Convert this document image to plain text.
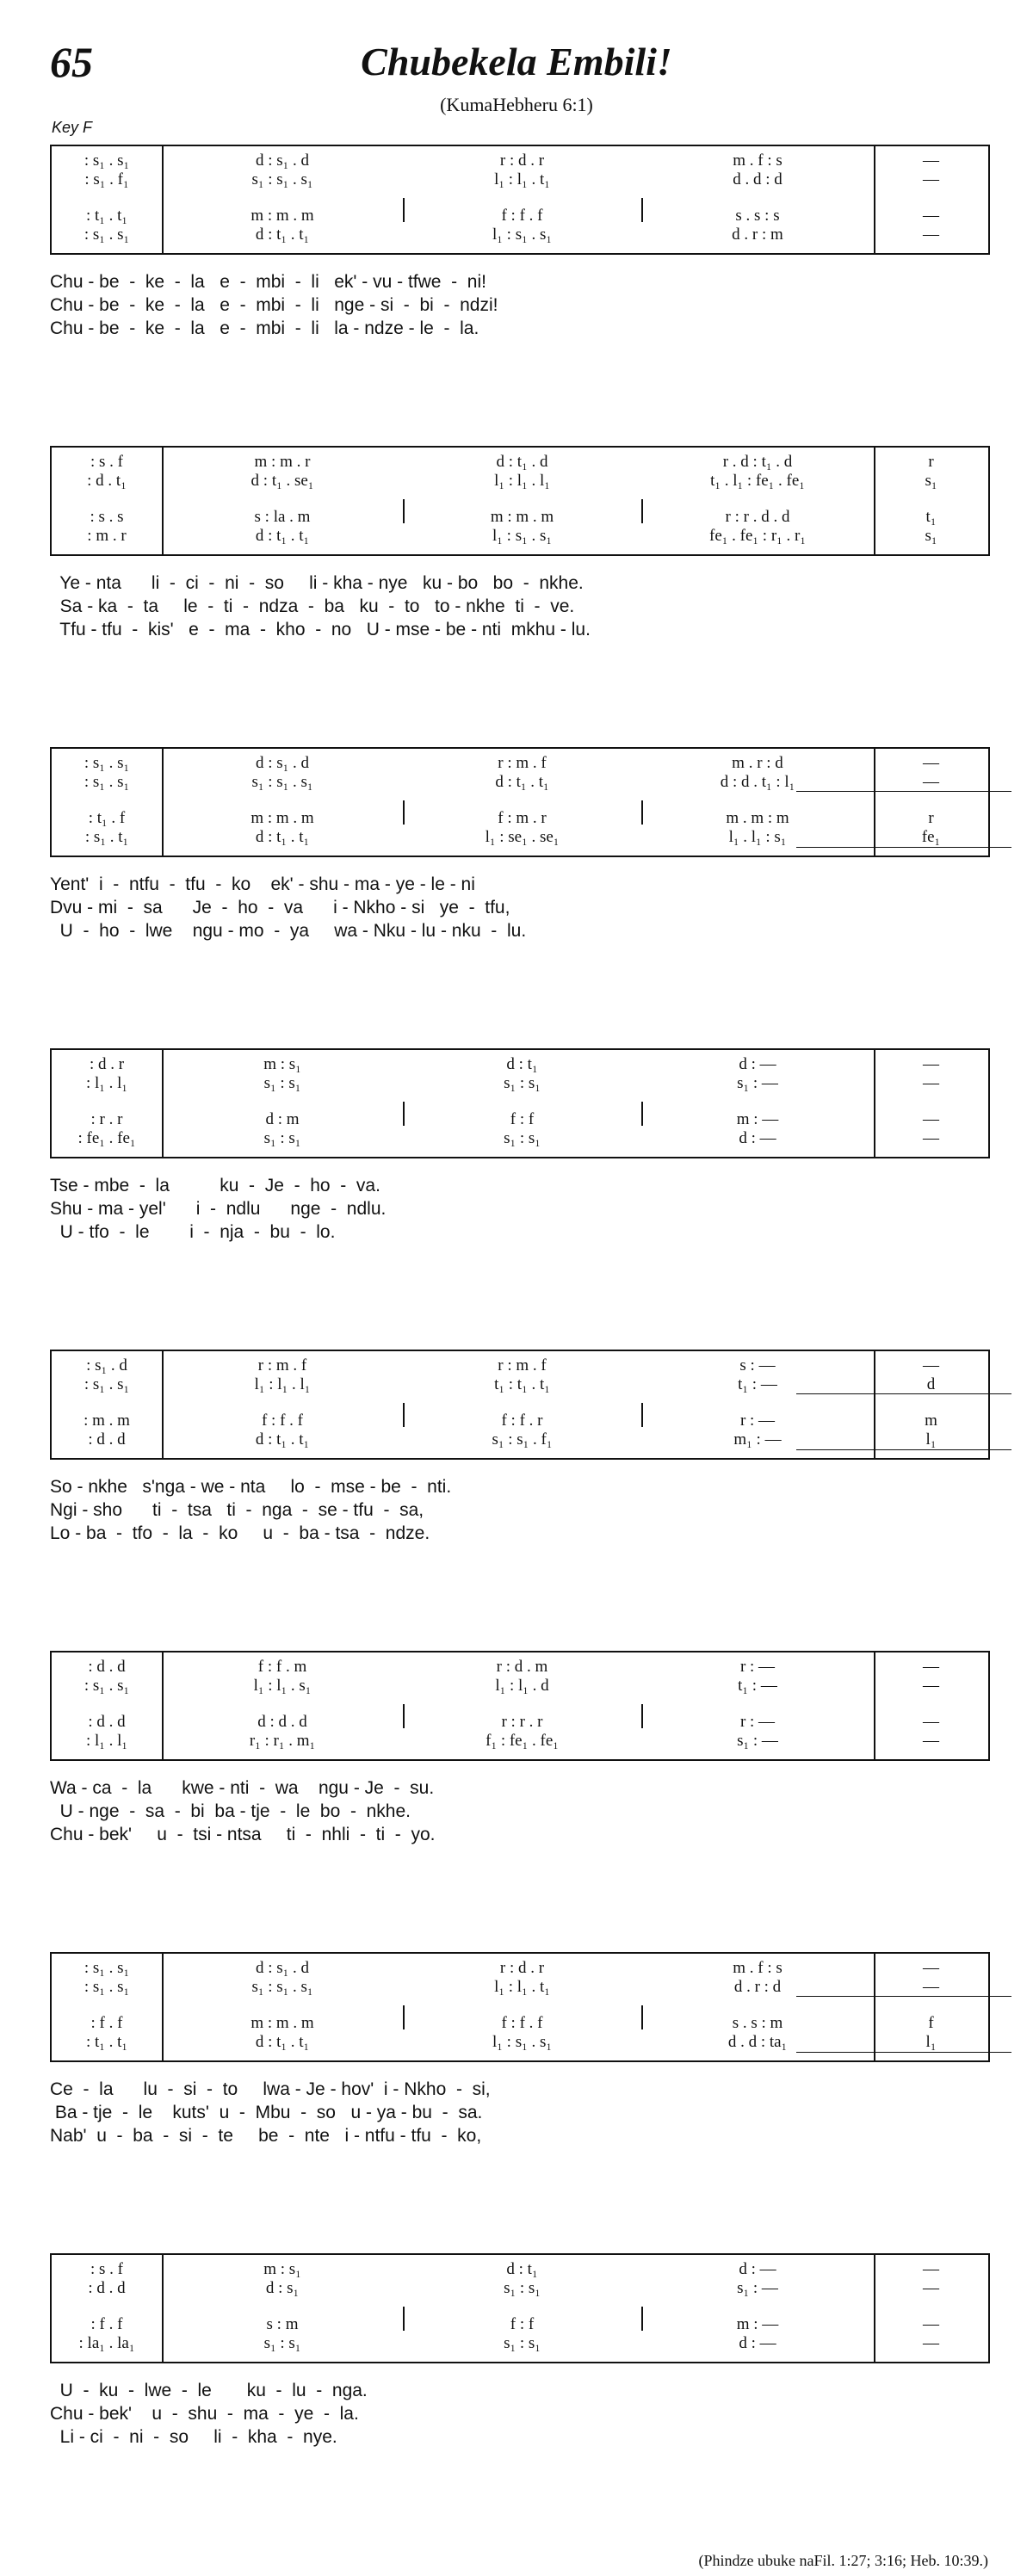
65	Chubekela Embili!
(KumaHebheru 6:1)
Key F
: s₁ . s₁	d : s₁ . d	r : d . r	m . f : s	—
: s₁ . f₁	s₁ : s₁ . s₁	l₁ : l₁ . t₁	d . d : d	—
: t₁ . t₁	m : m . m	f : f . f	s . s : s	—
: s₁ . s₁	d : t₁ . t₁	l₁ : s₁ . s₁	d . r : m	—
Chu - be  -  ke  -  la   e  -  mbi  -  li   ek' - vu - tfwe  -  ni!
Chu - be  -  ke  -  la   e  -  mbi  -  li   nge - si  -  bi  -  ndzi!
Chu - be  -  ke  -  la   e  -  mbi  -  li   la - ndze - le  -  la.
: s . f	m : m . r	d : t₁ . d	r . d : t₁ . d	r
: d . t₁	d : t₁ . se₁	l₁ : l₁ . l₁	t₁ . l₁ : fe₁ . fe₁	s₁
: s . s	s : la . m	m : m . m	r : r . d . d	t₁
: m . r	d : t₁ . t₁	l₁ : s₁ . s₁	fe₁ . fe₁ : r₁ . r₁	s₁
Ye - nta      li  -  ci  -  ni  -  so     li - kha - nye   ku - bo   bo  -  nkhe.
Sa - ka  -  ta     le  -  ti  -  ndza  -  ba   ku  -  to   to - nkhe  ti  -  ve.
Tfu - tfu  -  kis'   e  -  ma  -  kho  -  no   U - mse - be - nti  mkhu - lu.
: s₁ . s₁	d : s₁ . d	r : m . f	m . r : d	—
: s₁ . s₁	s₁ : s₁ . s₁	d : t₁ . t₁	d : d . t₁ : l₁	—
: t₁ . f	m : m . m	f : m . r	m . m : m	r
: s₁ . t₁	d : t₁ . t₁	l₁ : se₁ . se₁	l₁ . l₁ : s₁	fe₁
Yent'  i  -  ntfu  -  tfu  -  ko    ek' - shu - ma - ye - le - ni
Dvu - mi  -  sa      Je  -  ho  -  va      i - Nkho - si   ye  -  tfu,
U  -  ho  -  lwe    ngu - mo  -  ya     wa - Nku - lu - nku  -  lu.
: d . r	m : s₁	d : t₁	d : —	—
: l₁ . l₁	s₁ : s₁	s₁ : s₁	s₁ : —	—
: r . r	d : m	f : f	m : —	—
: fe₁ . fe₁	s₁ : s₁	s₁ : s₁	d : —	—
Tse - mbe  -  la          ku  -  Je  -  ho  -  va.
Shu - ma - yel'      i  -  ndlu      nge  -  ndlu.
U - tfo  -  le        i  -  nja  -  bu  -  lo.
: s₁ . d	r : m . f	r : m . f	s : —	—
: s₁ . s₁	l₁ : l₁ . l₁	t₁ : t₁ . t₁	t₁ : —	d
: m . m	f : f . f	f : f . r	r : —	m
: d . d	d : t₁ . t₁	s₁ : s₁ . f₁	m₁ : —	l₁
So - nkhe   s'nga - we - nta     lo  -  mse - be  -  nti.
Ngi - sho      ti  -  tsa   ti  -  nga  -  se - tfu  -  sa,
Lo - ba  -  tfo  -  la  -  ko     u  -  ba - tsa  -  ndze.
: d . d	f : f . m	r : d . m	r : —	—
: s₁ . s₁	l₁ : l₁ . s₁	l₁ : l₁ . d	t₁ : —	—
: d . d	d : d . d	r : r . r	r : —	—
: l₁ . l₁	r₁ : r₁ . m₁	f₁ : fe₁ . fe₁	s₁ : —	—
Wa - ca  -  la      kwe - nti  -  wa    ngu - Je  -  su.
U - nge  -  sa  -  bi  ba - tje  -  le  bo  -  nkhe.
Chu - bek'     u  -  tsi - ntsa     ti  -  nhli  -  ti  -  yo.
: s₁ . s₁	d : s₁ . d	r : d . r	m . f : s	—
: s₁ . s₁	s₁ : s₁ . s₁	l₁ : l₁ . t₁	d . r : d	—
: f . f	m : m . m	f : f . f	s . s : m	f
: t₁ . t₁	d : t₁ . t₁	l₁ : s₁ . s₁	d . d : ta₁	l₁
Ce  -  la      lu  -  si  -  to     lwa - Je - hov'  i - Nkho  -  si,
Ba - tje  -  le    kuts'  u  -  Mbu  -  so   u - ya - bu  -  sa.
Nab'  u  -  ba  -  si  -  te     be  -  nte   i - ntfu - tfu  -  ko,
: s . f	m : s₁	d : t₁	d : —	—
: d . d	d : s₁	s₁ : s₁	s₁ : —	—
: f . f	s : m	f : f	m : —	—
: la₁ . la₁	s₁ : s₁	s₁ : s₁	d : —	—
U  -  ku  -  lwe  -  le       ku  -  lu  -  nga.
Chu - bek'    u  -  shu  -  ma  -  ye  -  la.
Li - ci  -  ni  -  so     li  -  kha  -  nye.
(Phindze ubuke naFil. 1:27; 3:16; Heb. 10:39.)
